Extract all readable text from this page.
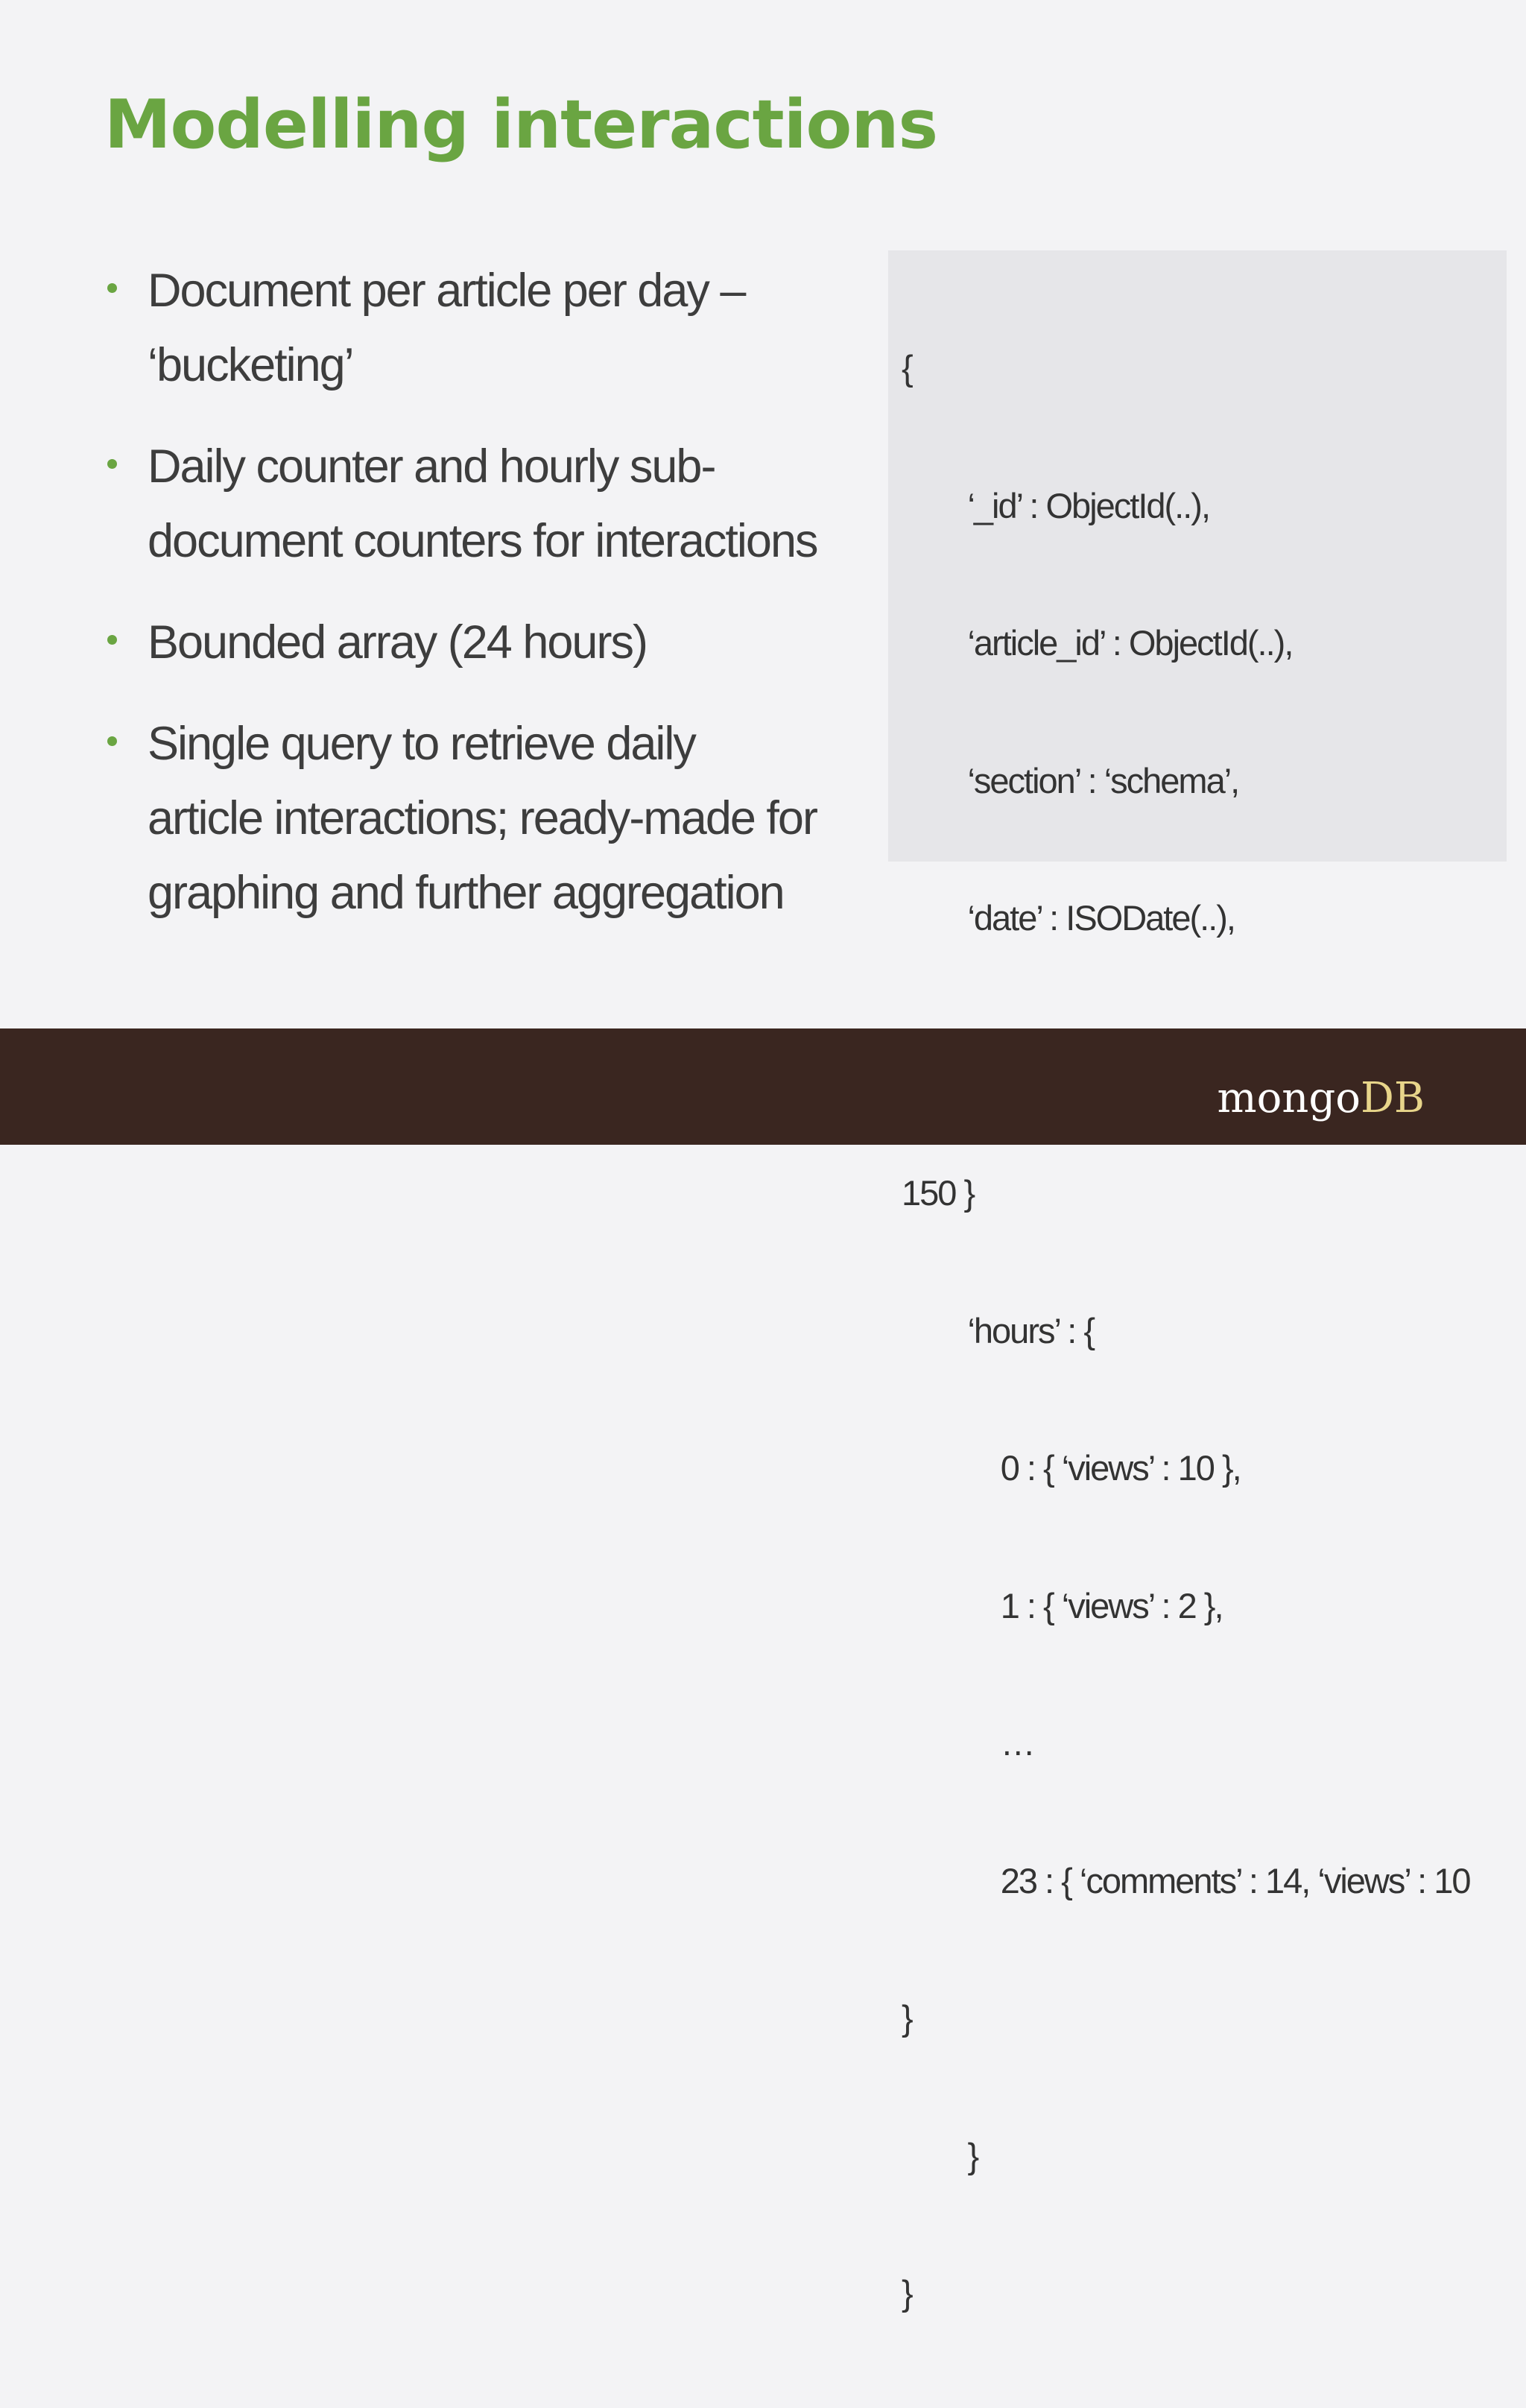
Modelling interactions
Document per article per day – ‘bucketing’
Daily counter and hourly sub-document counters for interactions
Bounded array (24 hours)
Single query to retrieve daily article interactions; ready-made for graphing and further aggregation

{

‘_id’ : ObjectId(..),

‘article_id’ : ObjectId(..),

‘section’ : ‘schema’,

‘date’ : ISODate(..),

150 }

‘hours’ : {

0 : { ‘views’ : 10 },

1 : { ‘views’ : 2 },

…

23 : { ‘comments’ : 14, ‘views’ : 10

}

}

}

mongoDB
